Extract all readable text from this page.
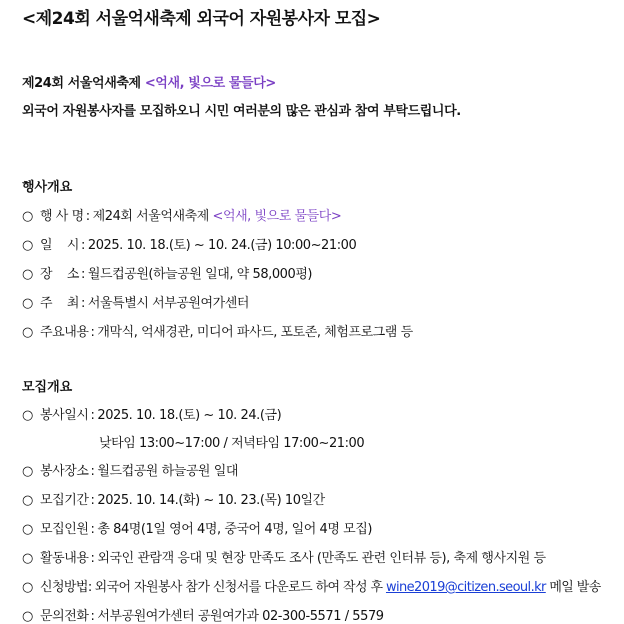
<제24회 서울억새축제 외국어 자원봉사자 모집>
제24회 서울억새축제 <억새, 빛으로 물들다>
외국어 자원봉사자를 모집하오니 시민 여러분의 많은 관심과 참여 부탁드립니다.
행사개요
○ 행 사 명 : 제24회 서울억새축제 <억새, 빛으로 물들다>
○ 일    시 : 2025. 10. 18.(토) ~ 10. 24.(금) 10:00~21:00
○ 장    소 : 월드컵공원(하늘공원 일대, 약 58,000평)
○ 주    최 : 서울특별시 서부공원여가센터
○ 주요내용 : 개막식, 억새경관, 미디어 파사드, 포토존, 체험프로그램 등
모집개요
○ 봉사일시 : 2025. 10. 18.(토) ~ 10. 24.(금)
낮타임 13:00~17:00 / 저녁타임 17:00~21:00
○ 봉사장소 : 월드컵공원 하늘공원 일대
○ 모집기간 : 2025. 10. 14.(화) ~ 10. 23.(목) 10일간
○ 모집인원 : 총 84명(1일 영어 4명, 중국어 4명, 일어 4명 모집)
○ 활동내용 : 외국인 관람객 응대 및 현장 만족도 조사 (만족도 관련 인터뷰 등), 축제 행사지원 등
○ 신청방법 : 외국어 자원봉사 참가 신청서를 다운로드 하여 작성 후 wine2019@citizen.seoul.kr 메일 발송
○ 문의전화 : 서부공원여가센터 공원여가과 02-300-5571 / 5579
